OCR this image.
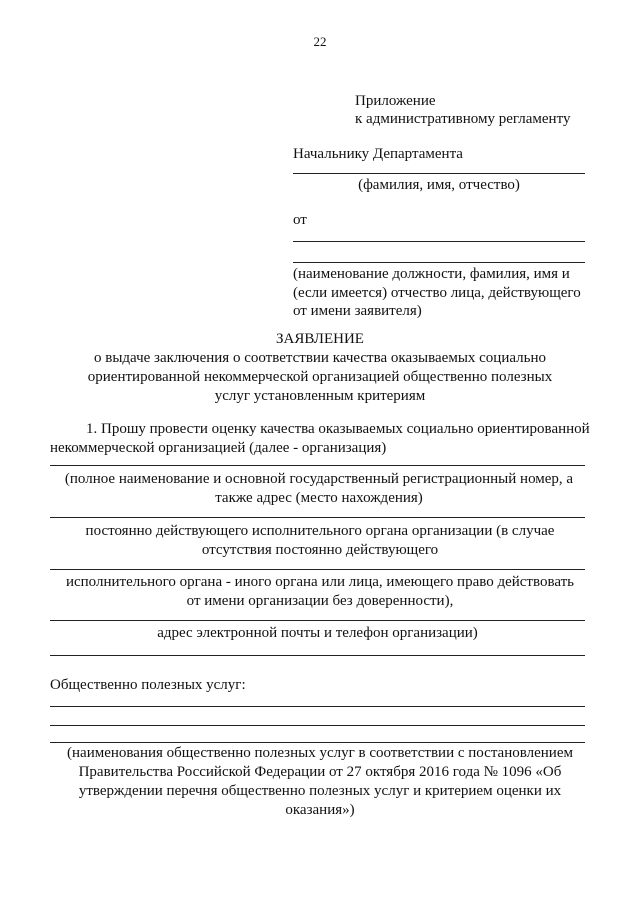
22
Приложение
к административному регламенту
Начальнику Департамента
(фамилия, имя, отчество)
от
(наименование должности, фамилия, имя и (если имеется) отчество лица, действующего от имени заявителя)
ЗАЯВЛЕНИЕ
о выдаче заключения о соответствии качества оказываемых социально ориентированной некоммерческой организацией общественно полезных услуг установленным критериям
1. Прошу провести оценку качества оказываемых социально ориентированной некоммерческой организацией (далее - организация)
(полное наименование и основной государственный регистрационный номер, а также адрес (место нахождения)
постоянно действующего исполнительного органа организации (в случае отсутствия постоянно действующего
исполнительного органа - иного органа или лица, имеющего право действовать от имени организации без доверенности),
адрес электронной почты и телефон организации)
Общественно полезных услуг:
(наименования общественно полезных услуг в соответствии с постановлением Правительства Российской Федерации от 27 октября 2016 года № 1096 «Об утверждении перечня общественно полезных услуг и критерием оценки их оказания»)
